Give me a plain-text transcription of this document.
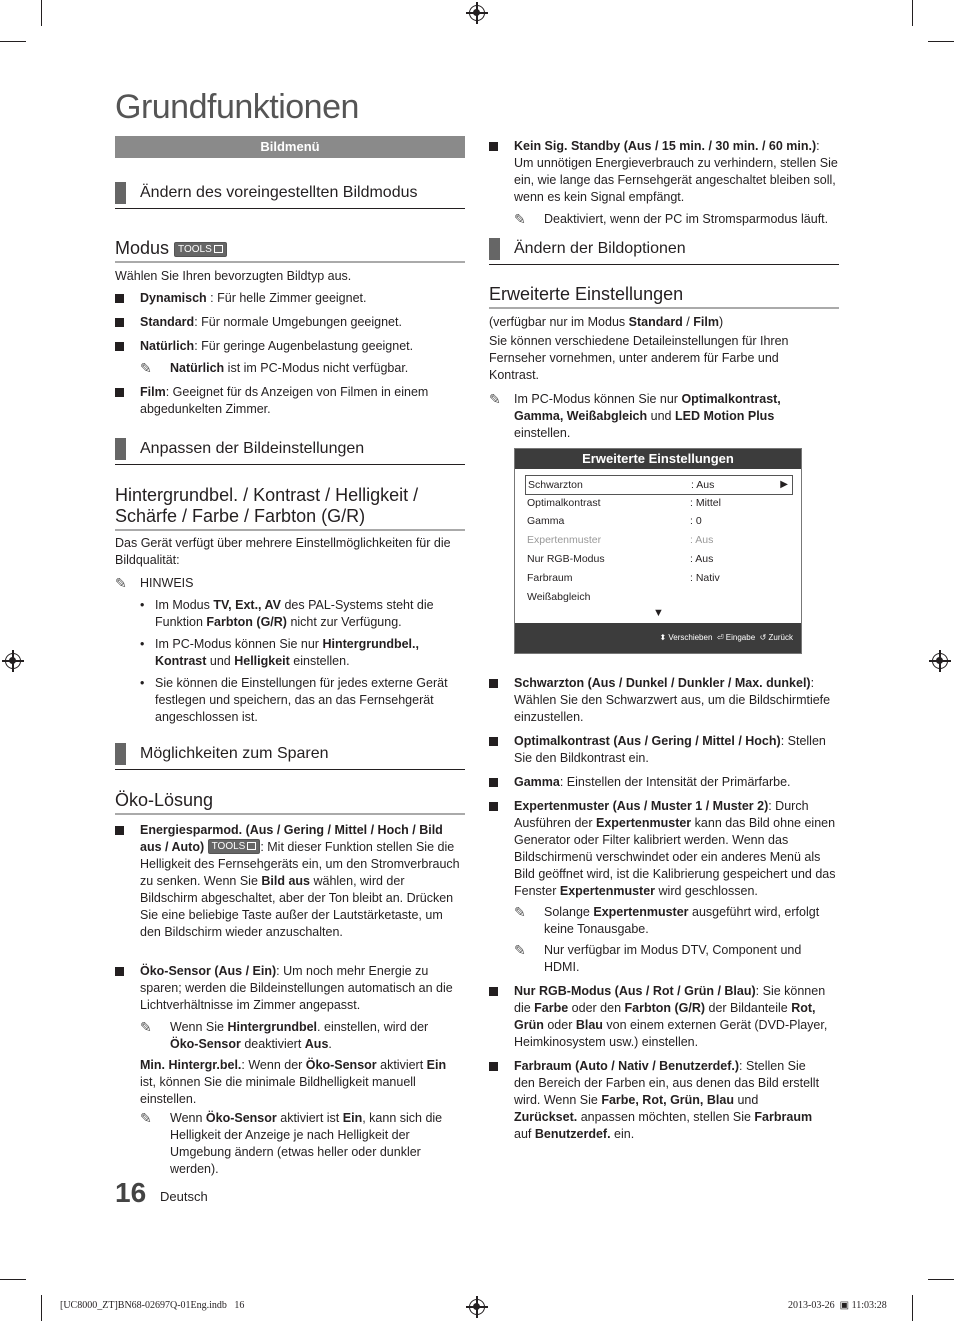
Grundfunktionen
Bildmenü
Ändern des voreingestellten Bildmodus
Modus TOOLS
Wählen Sie Ihren bevorzugten Bildtyp aus.
Dynamisch : Für helle Zimmer geeignet.
Standard: Für normale Umgebungen geeignet.
Natürlich: Für geringe Augenbelastung geeignet.
✎ Natürlich ist im PC-Modus nicht verfügbar.
Film: Geeignet für ds Anzeigen von Filmen in einem abgedunkelten Zimmer.
Anpassen der Bildeinstellungen
Hintergrundbel. / Kontrast / Helligkeit /
Schärfe / Farbe / Farbton (G/R)
Das Gerät verfügt über mehrere Einstellmöglichkeiten für die Bildqualität:
✎ HINWEIS
• Im Modus TV, Ext., AV des PAL-Systems steht die Funktion Farbton (G/R) nicht zur Verfügung.
• Im PC-Modus können Sie nur Hintergrundbel., Kontrast und Helligkeit einstellen.
• Sie können die Einstellungen für jedes externe Gerät festlegen und speichern, das an das Fernsehgerät angeschlossen ist.
Möglichkeiten zum Sparen
Öko-Lösung
Energiesparmod. (Aus / Gering / Mittel / Hoch / Bild aus / Auto) TOOLS : Mit dieser Funktion stellen Sie die Helligkeit des Fernsehgeräts ein, um den Stromverbrauch zu senken. Wenn Sie Bild aus wählen, wird der Bildschirm abgeschaltet, aber der Ton bleibt an. Drücken Sie eine beliebige Taste außer der Lautstärketaste, um den Bildschirm wieder anzuschalten.
Öko-Sensor (Aus / Ein): Um noch mehr Energie zu sparen; werden die Bildeinstellungen automatisch an die Lichtverhältnisse im Zimmer angepasst.
✎ Wenn Sie Hintergrundbel. einstellen, wird der Öko-Sensor deaktiviert Aus.
Min. Hintergr.bel.: Wenn der Öko-Sensor aktiviert Ein ist, können Sie die minimale Bildhelligkeit manuell einstellen.
✎ Wenn Öko-Sensor aktiviert ist Ein, kann sich die Helligkeit der Anzeige je nach Helligkeit der Umgebung ändern (etwas heller oder dunkler werden).
16 Deutsch
Kein Sig. Standby (Aus / 15 min. / 30 min. / 60 min.): Um unnötigen Energieverbrauch zu verhindern, stellen Sie ein, wie lange das Fernsehgerät angeschaltet bleiben soll, wenn es kein Signal empfängt.
✎ Deaktiviert, wenn der PC im Stromsparmodus läuft.
Ändern der Bildoptionen
Erweiterte Einstellungen
(verfügbar nur im Modus Standard / Film)
Sie können verschiedene Detaileinstellungen für Ihren Fernseher vornehmen, unter anderem für Farbe und Kontrast.
✎ Im PC-Modus können Sie nur Optimalkontrast, Gamma, Weißabgleich und LED Motion Plus einstellen.
Erweiterte Einstellungen
Schwarzton	: Aus	▶
Optimalkontrast	: Mittel
Gamma	: 0
Expertenmuster	: Aus
Nur RGB-Modus	: Aus
Farbraum	: Nativ
Weißabgleich
▼
⬍ Verschieben ⏎ Eingabe ↺ Zurück
Schwarzton (Aus / Dunkel / Dunkler / Max. dunkel): Wählen Sie den Schwarzwert aus, um die Bildschirmtiefe einzustellen.
Optimalkontrast (Aus / Gering / Mittel / Hoch): Stellen Sie den Bildkontrast ein.
Gamma: Einstellen der Intensität der Primärfarbe.
Expertenmuster (Aus / Muster 1 / Muster 2): Durch Ausführen der Expertenmuster kann das Bild ohne einen Generator oder Filter kalibriert werden. Wenn das Bildschirmenü verschwindet oder ein anderes Menü als Bild geöffnet wird, ist die Kalibrierung gespeichert und das Fenster Expertenmuster wird geschlossen.
✎ Solange Expertenmuster ausgeführt wird, erfolgt keine Tonausgabe.
✎ Nur verfügbar im Modus DTV, Component und HDMI.
Nur RGB-Modus (Aus / Rot / Grün / Blau): Sie können die Farbe oder den Farbton (G/R) der Bildanteile Rot, Grün oder Blau von einem externen Gerät (DVD-Player, Heimkinosystem usw.) einstellen.
Farbraum (Auto / Nativ / Benutzerdef.): Stellen Sie den Bereich der Farben ein, aus denen das Bild erstellt wird. Wenn Sie Farbe, Rot, Grün, Blau und Zurückset. anpassen möchten, stellen Sie Farbraum auf Benutzerdef. ein.
[UC8000_ZT]BN68-02697Q-01Eng.indb   16	2013-03-26 ▣ 11:03:28
